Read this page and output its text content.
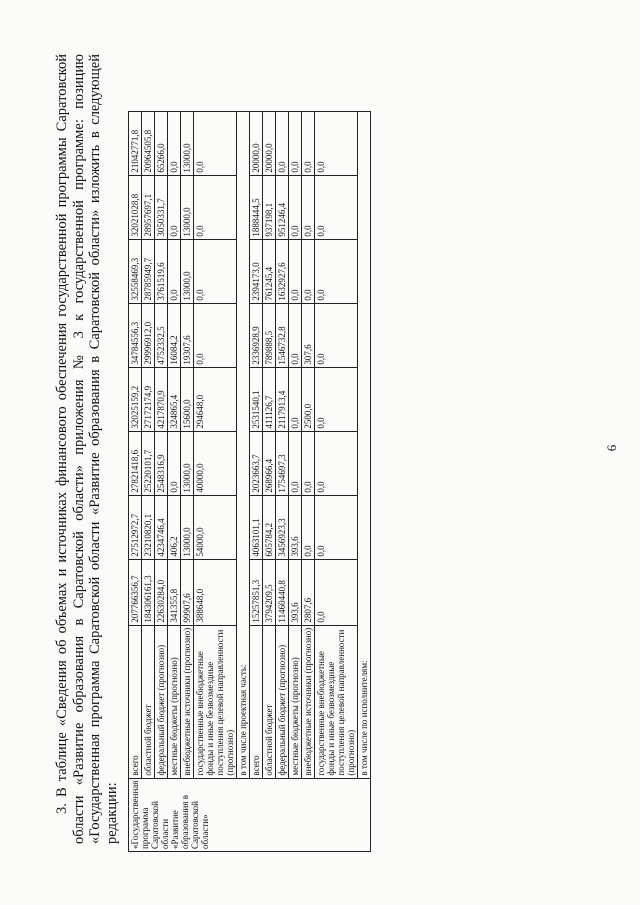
6

3. В таблице «Сведения об объемах и источниках финансового обеспечения государственной программы Саратовской области «Развитие образования в Саратовской области» приложения № 3 к государственной программе: позицию «Государственная программа Саратовской области «Развитие образования в Саратовской области» изложить в следующей редакции: «Государственная программа Саратовской области «Развитие образования в Саратовской области»	всего	207766356,7	27512972,7	27821418,6	32025159,2	34784556,3	32558469,3	32021028,8	21042771,8
	областной бюджет	184306161,3	23210820,1	25220101,7	27172174,9	29996912,0	28785949,7	28957697,1	20964505,8
	федеральный бюджет (прогнозно)	22630284,0	4234746,4	2548316,9	4217870,9	4752332,5	3761519,6	3050331,7	65266,0
	местные бюджеты (прогнозно)	341355,8	406,2	0,0	324865,4	16084,2	0,0	0,0	0,0
	внебюджетные источники (прогнозно)	99907,6	13000,0	13000,0	15600,0	19307,6	13000,0	13000,0	13000,0
	государственные внебюджетные фонды и иные безвозмездные поступления целевой направленности (прогнозно)	388648,0	54000,0	40000,0	294648,0	0,0	0,0	0,0	0,0
	в том числе проектная часть:								
	всего	15257851,3	4063101,1	2023663,7	2531540,1	2336928,9	2394173,0	1888444,5	20000,0
	областной бюджет	3794209,5	605784,2	268966,4	411126,7	789888,5	761245,4	937198,1	20000,0
	федеральный бюджет (прогнозно)	11460440,8	3456923,3	1754697,3	2117913,4	1546732,8	1632927,6	951246,4	0,0
	местные бюджеты (прогнозно)	393,6	393,6	0,0	0,0	0,0	0,0	0,0	0,0
	внебюджетные источники (прогнозно)	2807,6	0,0	0,0	2500,0	307,6	0,0	0,0	0,0
	государственные внебюджетные фонды и иные безвозмездные поступления целевой направленности (прогнозно)	0,0	0,0	0,0	0,0	0,0	0,0	0,0	0,0
	в том числе по исполнителям:								
